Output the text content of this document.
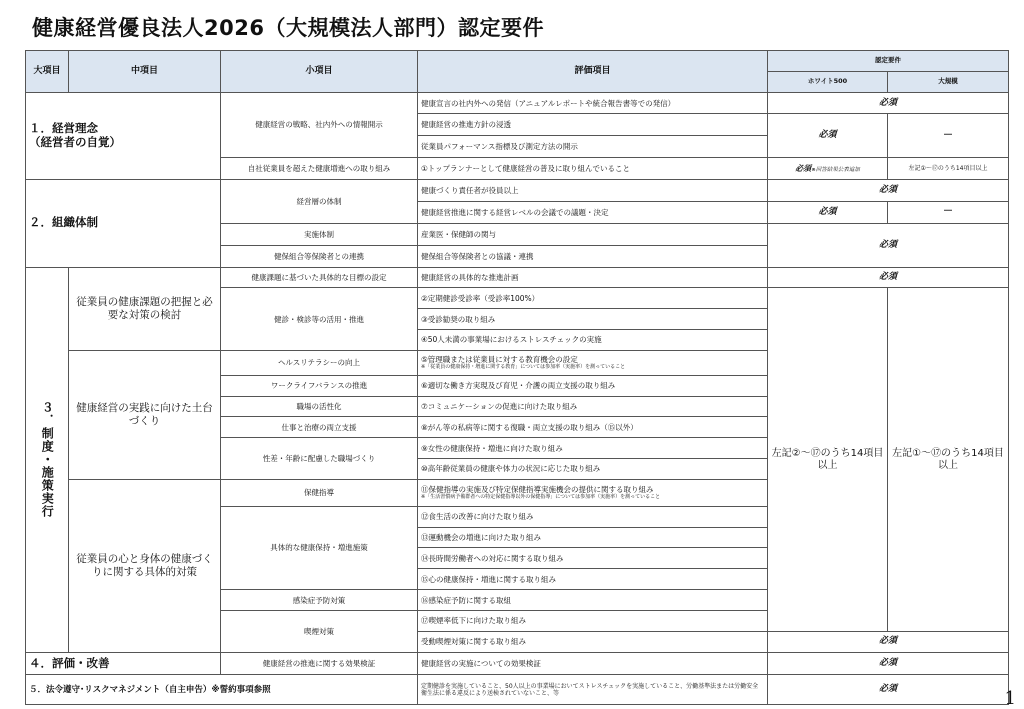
健康経営優良法人2026（大規模法人部門）認定要件
大項目	中項目	小項目	評価項目	認定要件	
				ホワイト500	大規模
１．経営理念
（経営者の自覚）		健康経営の戦略、社内外への情報開示	健康宣言の社内外への発信（アニュアルレポートや統合報告書等での発信）	必須	
			健康経営の推進方針の浸透	必須	－
			従業員パフォーマンス指標及び測定方法の開示		
		自社従業員を超えた健康増進への取り組み	①トップランナーとして健康経営の普及に取り組んでいること	必須※回答結果公表追加	左記①～⑰のうち14項目以上
２．組織体制		経営層の体制	健康づくり責任者が役員以上	必須	
			健康経営推進に関する経営レベルの会議での議題・決定	必須	－
		実施体制	産業医・保健師の関与	必須	
		健保組合等保険者との連携	健保組合等保険者との協議・連携		
３．制度・施策実行	従業員の健康課題の把握と必要な対策の検討	健康課題に基づいた具体的な目標の設定	健康経営の具体的な推進計画	必須	
		健診・検診等の活用・推進	②定期健診受診率（受診率100%）	左記②～⑰のうち14項目以上	左記①～⑰のうち14項目以上
			③受診勧奨の取り組み		
			④50人未満の事業場におけるストレスチェックの実施		
	健康経営の実践に向けた土台づくり	ヘルスリテラシーの向上	⑤管理職または従業員に対する教育機会の設定
※「従業員の健康保持・増進に関する教育」については参加率（実施率）を測っていること		

		ワークライフバランスの推進	⑥適切な働き方実現及び育児・介護の両立支援の取り組み		
		職場の活性化	⑦コミュニケーションの促進に向けた取り組み		
		仕事と治療の両立支援	⑧がん等の私病等に関する復職・両立支援の取り組み（⑮以外）		
		性差・年齢に配慮した職場づくり	⑨女性の健康保持・増進に向けた取り組み		
			⑩高年齢従業員の健康や体力の状況に応じた取り組み		
	従業員の心と身体の健康づくりに関する具体的対策	保健指導	⑪保健指導の実施及び特定保健指導実施機会の提供に関する取り組み
※「生活習慣病予備群者への特定保健指導以外の保健指導」については参加率（実施率）を測っていること		

		具体的な健康保持・増進施策	⑫食生活の改善に向けた取り組み		
			⑬運動機会の増進に向けた取り組み		
			⑭長時間労働者への対応に関する取り組み		
			⑮心の健康保持・増進に関する取り組み		
		感染症予防対策	⑯感染症予防に関する取組		
		喫煙対策	⑰喫煙率低下に向けた取り組み		
			受動喫煙対策に関する取り組み	必須	
４．評価・改善		健康経営の推進に関する効果検証	健康経営の実施についての効果検証	必須	
５．法令遵守･リスクマネジメント（自主申告）※誓約事項参照			定期健診を実施していること、50人以上の事業場においてストレスチェックを実施していること、労働基準法または労働安全衛生法に係る違反により送検されていないこと、等	必須		1
